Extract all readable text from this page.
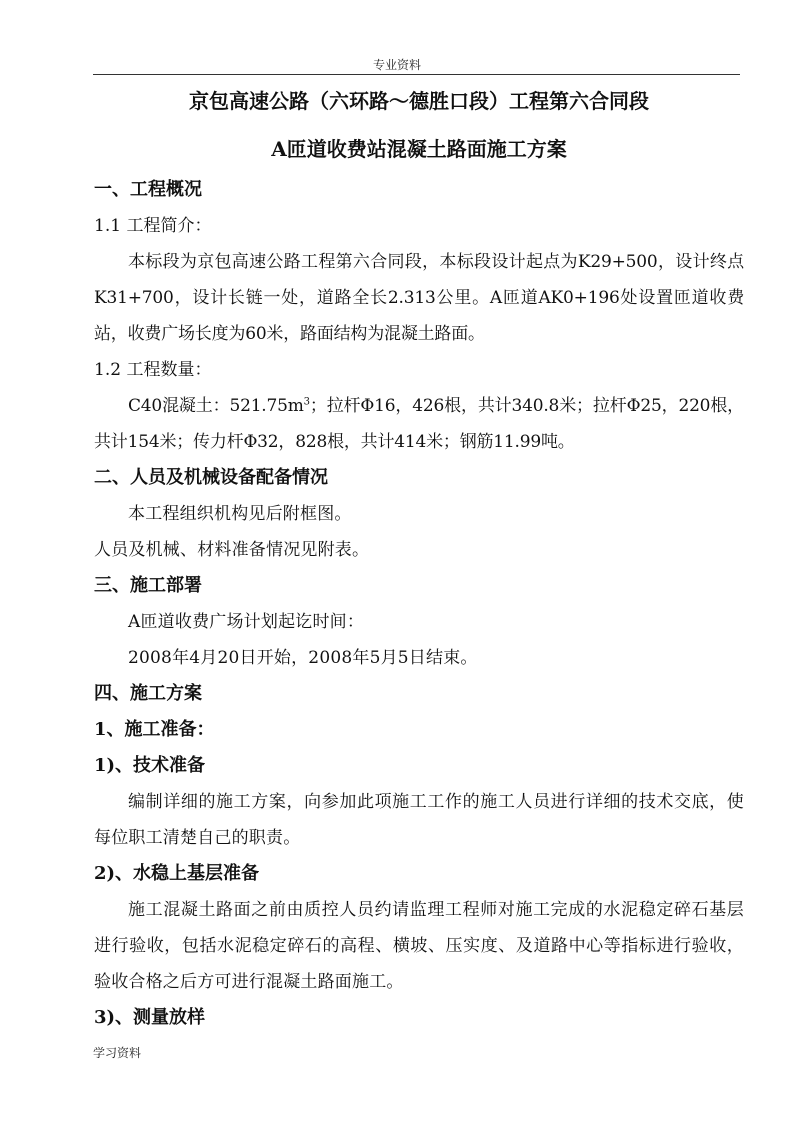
专业资料
京包高速公路（六环路～德胜口段）工程第六合同段
A匝道收费站混凝土路面施工方案
一、工程概况
1.1 工程简介：

本标段为京包高速公路工程第六合同段，本标段设计起点为K29+500，设计终点K31+700，设计长链一处，道路全长2.313公里。A匝道AK0+196处设置匝道收费站，收费广场长度为60米，路面结构为混凝土路面。

1.2 工程数量：

C40混凝土：$521.75m^3$；拉杆Φ16，426根，共计340.8米；拉杆Φ25，220根，共计154米；传力杆Φ32，828根，共计414米；钢筋11.99吨。

二、人员及机械设备配备情况

本工程组织机构见后附框图。

人员及机械、材料准备情况见附表。

三、施工部署

A匝道收费广场计划起讫时间：

2008年4月20日开始，2008年5月5日结束。

四、施工方案
1、施工准备：
1)、技术准备

编制详细的施工方案，向参加此项施工工作的施工人员进行详细的技术交底，使每位职工清楚自己的职责。

2)、水稳上基层准备

施工混凝土路面之前由质控人员约请监理工程师对施工完成的水泥稳定碎石基层进行验收，包括水泥稳定碎石的高程、横坡、压实度、及道路中心等指标进行验收，验收合格之后方可进行混凝土路面施工。

3)、测量放样
学习资料
